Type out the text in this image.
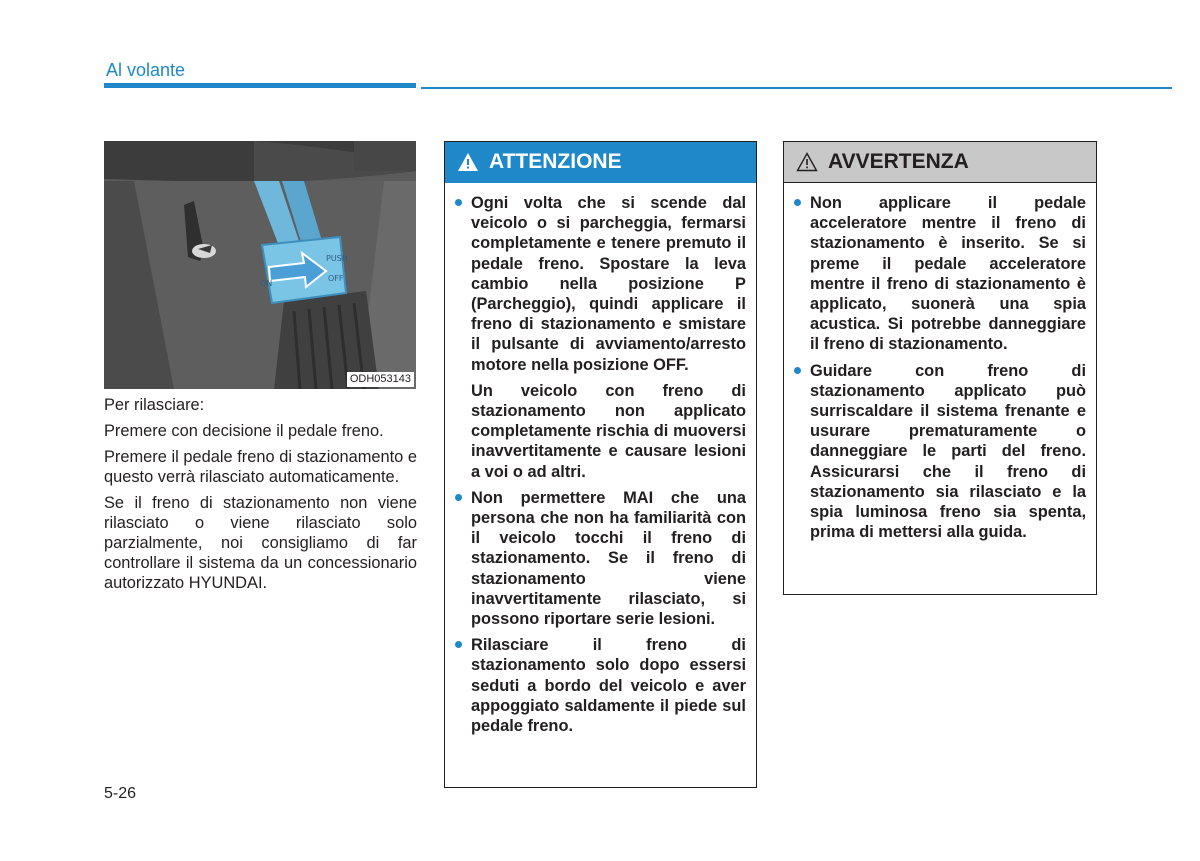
Al volante
PUSH
OFF
ON
ODH053143

Per rilasciare:

Premere con decisione il pedale freno.

Premere il pedale freno di stazionamento e questo verrà rilasciato automaticamente.

Se il freno di stazionamento non viene rilasciato o viene rilasciato solo parzialmente, noi consigliamo di far controllare il sistema da un concessionario autorizzato HYUNDAI.

ATTENZIONE

Ogni volta che si scende dal veicolo o si parcheggia, fermarsi completamente e tenere premuto il pedale freno. Spostare la leva cambio nella posizione P (Parcheggio), quindi applicare il freno di stazionamento e smistare il pulsante di avviamento/arresto motore nella posizione OFF.

Un veicolo con freno di stazionamento non applicato completamente rischia di muoversi inavvertitamente e causare lesioni a voi o ad altri.

Non permettere MAI che una persona che non ha familiarità con il veicolo tocchi il freno di stazionamento. Se il freno di stazionamento viene inavvertitamente rilasciato, si possono riportare serie lesioni.

Rilasciare il freno di stazionamento solo dopo essersi seduti a bordo del veicolo e aver appoggiato saldamente il piede sul pedale freno.

AVVERTENZA

Non applicare il pedale acceleratore mentre il freno di stazionamento è inserito. Se si preme il pedale acceleratore mentre il freno di stazionamento è applicato, suonerà una spia acustica. Si potrebbe danneggiare il freno di stazionamento.

Guidare con freno di stazionamento applicato può surriscaldare il sistema frenante e usurare prematuramente o danneggiare le parti del freno. Assicurarsi che il freno di stazionamento sia rilasciato e la spia luminosa freno sia spenta, prima di mettersi alla guida.

5-26
